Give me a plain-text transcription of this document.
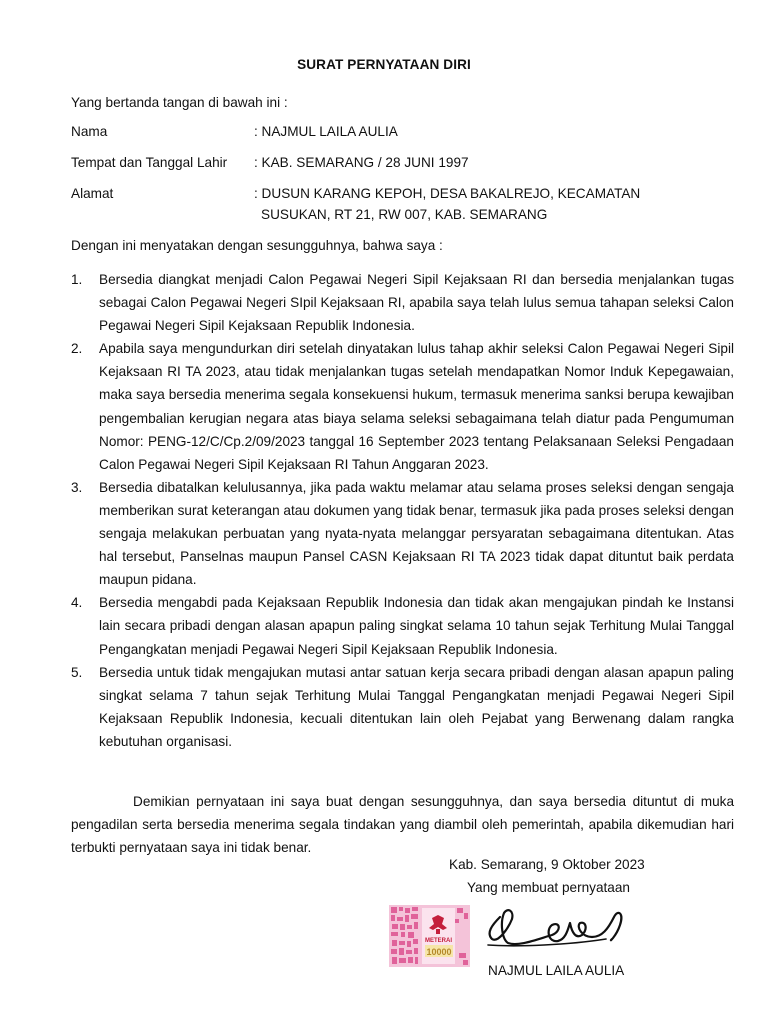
SURAT PERNYATAAN DIRI
Yang bertanda tangan di bawah ini :
Nama	: NAJMUL LAILA AULIA
Tempat dan Tanggal Lahir : KAB. SEMARANG / 28 JUNI 1997
Alamat	: DUSUN KARANG KEPOH, DESA BAKALREJO, KECAMATAN
SUSUKAN, RT 21, RW 007, KAB. SEMARANG
Dengan ini menyatakan dengan sesungguhnya, bahwa saya :

1. Bersedia diangkat menjadi Calon Pegawai Negeri Sipil Kejaksaan RI dan bersedia menjalankan tugas sebagai Calon Pegawai Negeri SIpil Kejaksaan RI, apabila saya telah lulus semua tahapan seleksi Calon Pegawai Negeri Sipil Kejaksaan Republik Indonesia.

2. Apabila saya mengundurkan diri setelah dinyatakan lulus tahap akhir seleksi Calon Pegawai Negeri Sipil Kejaksaan RI TA 2023, atau tidak menjalankan tugas setelah mendapatkan Nomor Induk Kepegawaian, maka saya bersedia menerima segala konsekuensi hukum, termasuk menerima sanksi berupa kewajiban pengembalian kerugian negara atas biaya selama seleksi sebagaimana telah diatur pada Pengumuman Nomor: PENG-12/C/Cp.2/09/2023 tanggal 16 September 2023 tentang Pelaksanaan Seleksi Pengadaan Calon Pegawai Negeri Sipil Kejaksaan RI Tahun Anggaran 2023.

3. Bersedia dibatalkan kelulusannya, jika pada waktu melamar atau selama proses seleksi dengan sengaja memberikan surat keterangan atau dokumen yang tidak benar, termasuk jika pada proses seleksi dengan sengaja melakukan perbuatan yang nyata-nyata melanggar persyaratan sebagaimana ditentukan. Atas hal tersebut, Panselnas maupun Pansel CASN Kejaksaan RI TA 2023 tidak dapat dituntut baik perdata maupun pidana.

4. Bersedia mengabdi pada Kejaksaan Republik Indonesia dan tidak akan mengajukan pindah ke Instansi lain secara pribadi dengan alasan apapun paling singkat selama 10 tahun sejak Terhitung Mulai Tanggal Pengangkatan menjadi Pegawai Negeri Sipil Kejaksaan Republik Indonesia.

5. Bersedia untuk tidak mengajukan mutasi antar satuan kerja secara pribadi dengan alasan apapun paling singkat selama 7 tahun sejak Terhitung Mulai Tanggal Pengangkatan menjadi Pegawai Negeri Sipil Kejaksaan Republik Indonesia, kecuali ditentukan lain oleh Pejabat yang Berwenang dalam rangka kebutuhan organisasi.

Demikian pernyataan ini saya buat dengan sesungguhnya, dan saya bersedia dituntut di muka pengadilan serta bersedia menerima segala tindakan yang diambil oleh pemerintah, apabila dikemudian hari terbukti pernyataan saya ini tidak benar.
Kab. Semarang, 9 Oktober 2023
Yang membuat pernyataan
METERAI
10000
NAJMUL LAILA AULIA
